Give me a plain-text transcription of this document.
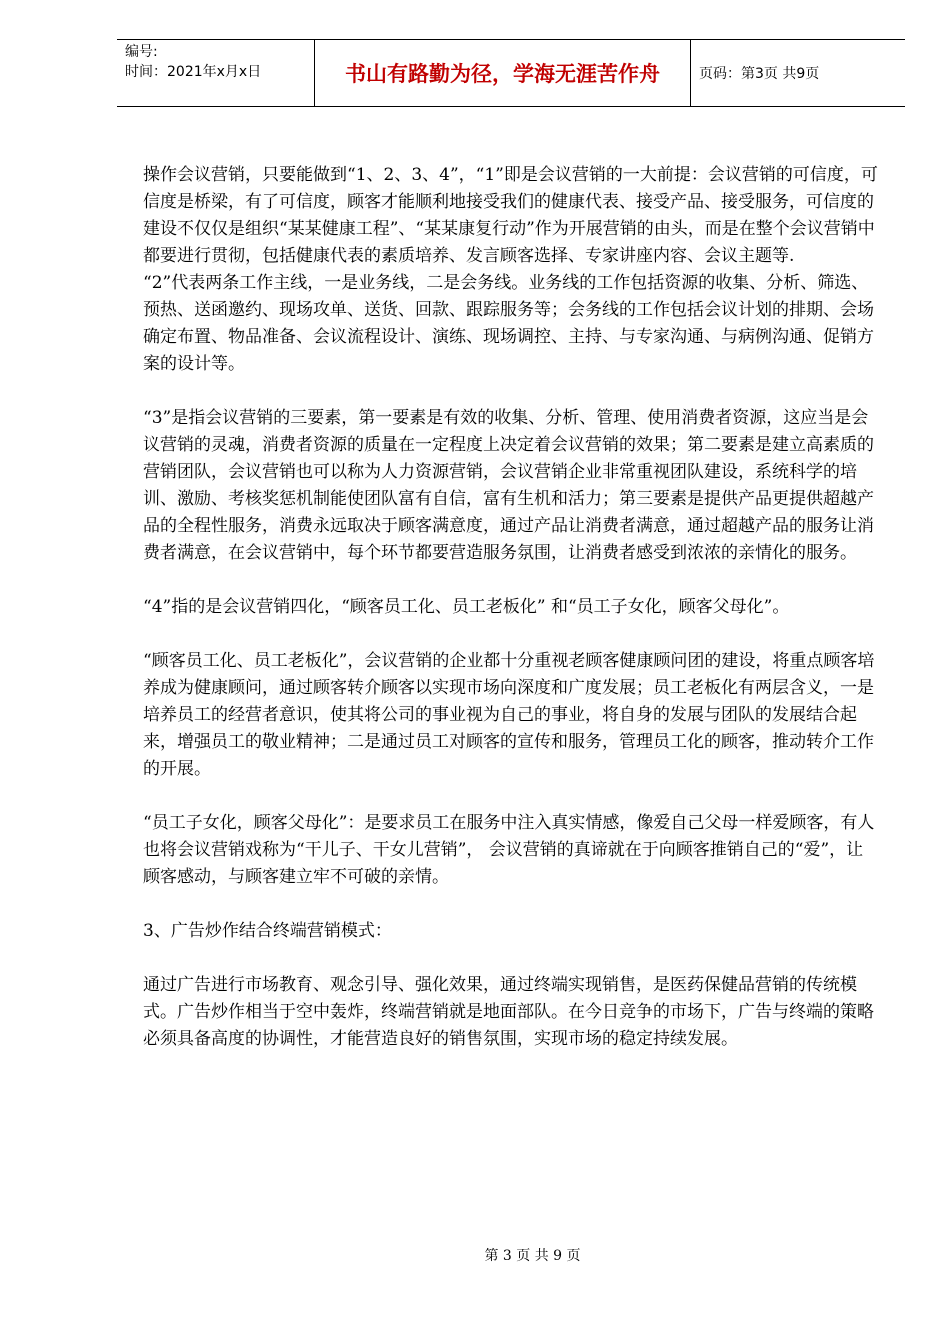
编号:
时间：2021年x月x日	书山有路勤为径，学海无涯苦作舟	页码：第3页 共9页

操作会议营销，只要能做到“1、2、3、4”，“1”即是会议营销的一大前提：会议营销的可信度，可信度是桥梁，有了可信度，顾客才能顺利地接受我们的健康代表、接受产品、接受服务，可信度的建设不仅仅是组织“某某健康工程”、“某某康复行动”作为开展营销的由头，而是在整个会议营销中都要进行贯彻，包括健康代表的素质培养、发言顾客选择、专家讲座内容、会议主题等.

“2”代表两条工作主线，一是业务线，二是会务线。业务线的工作包括资源的收集、分析、筛选、预热、送函邀约、现场攻单、送货、回款、跟踪服务等；会务线的工作包括会议计划的排期、会场确定布置、物品准备、会议流程设计、演练、现场调控、主持、与专家沟通、与病例沟通、促销方案的设计等。

“3”是指会议营销的三要素，第一要素是有效的收集、分析、管理、使用消费者资源，这应当是会议营销的灵魂，消费者资源的质量在一定程度上决定着会议营销的效果；第二要素是建立高素质的营销团队，会议营销也可以称为人力资源营销，会议营销企业非常重视团队建设，系统科学的培训、激励、考核奖惩机制能使团队富有自信，富有生机和活力；第三要素是提供产品更提供超越产品的全程性服务，消费永远取决于顾客满意度，通过产品让消费者满意，通过超越产品的服务让消费者满意，在会议营销中，每个环节都要营造服务氛围，让消费者感受到浓浓的亲情化的服务。

“4”指的是会议营销四化，“顾客员工化、员工老板化” 和“员工子女化，顾客父母化”。

“顾客员工化、员工老板化”，会议营销的企业都十分重视老顾客健康顾问团的建设，将重点顾客培养成为健康顾问，通过顾客转介顾客以实现市场向深度和广度发展；员工老板化有两层含义，一是培养员工的经营者意识，使其将公司的事业视为自己的事业，将自身的发展与团队的发展结合起来，增强员工的敬业精神；二是通过员工对顾客的宣传和服务，管理员工化的顾客，推动转介工作的开展。

“员工子女化，顾客父母化”：是要求员工在服务中注入真实情感，像爱自己父母一样爱顾客，有人也将会议营销戏称为“干儿子、干女儿营销”， 会议营销的真谛就在于向顾客推销自己的“爱”，让顾客感动，与顾客建立牢不可破的亲情。

3、广告炒作结合终端营销模式：

通过广告进行市场教育、观念引导、强化效果，通过终端实现销售，是医药保健品营销的传统模式。广告炒作相当于空中轰炸，终端营销就是地面部队。在今日竞争的市场下，广告与终端的策略必须具备高度的协调性，才能营造良好的销售氛围，实现市场的稳定持续发展。

第 3 页 共 9 页
